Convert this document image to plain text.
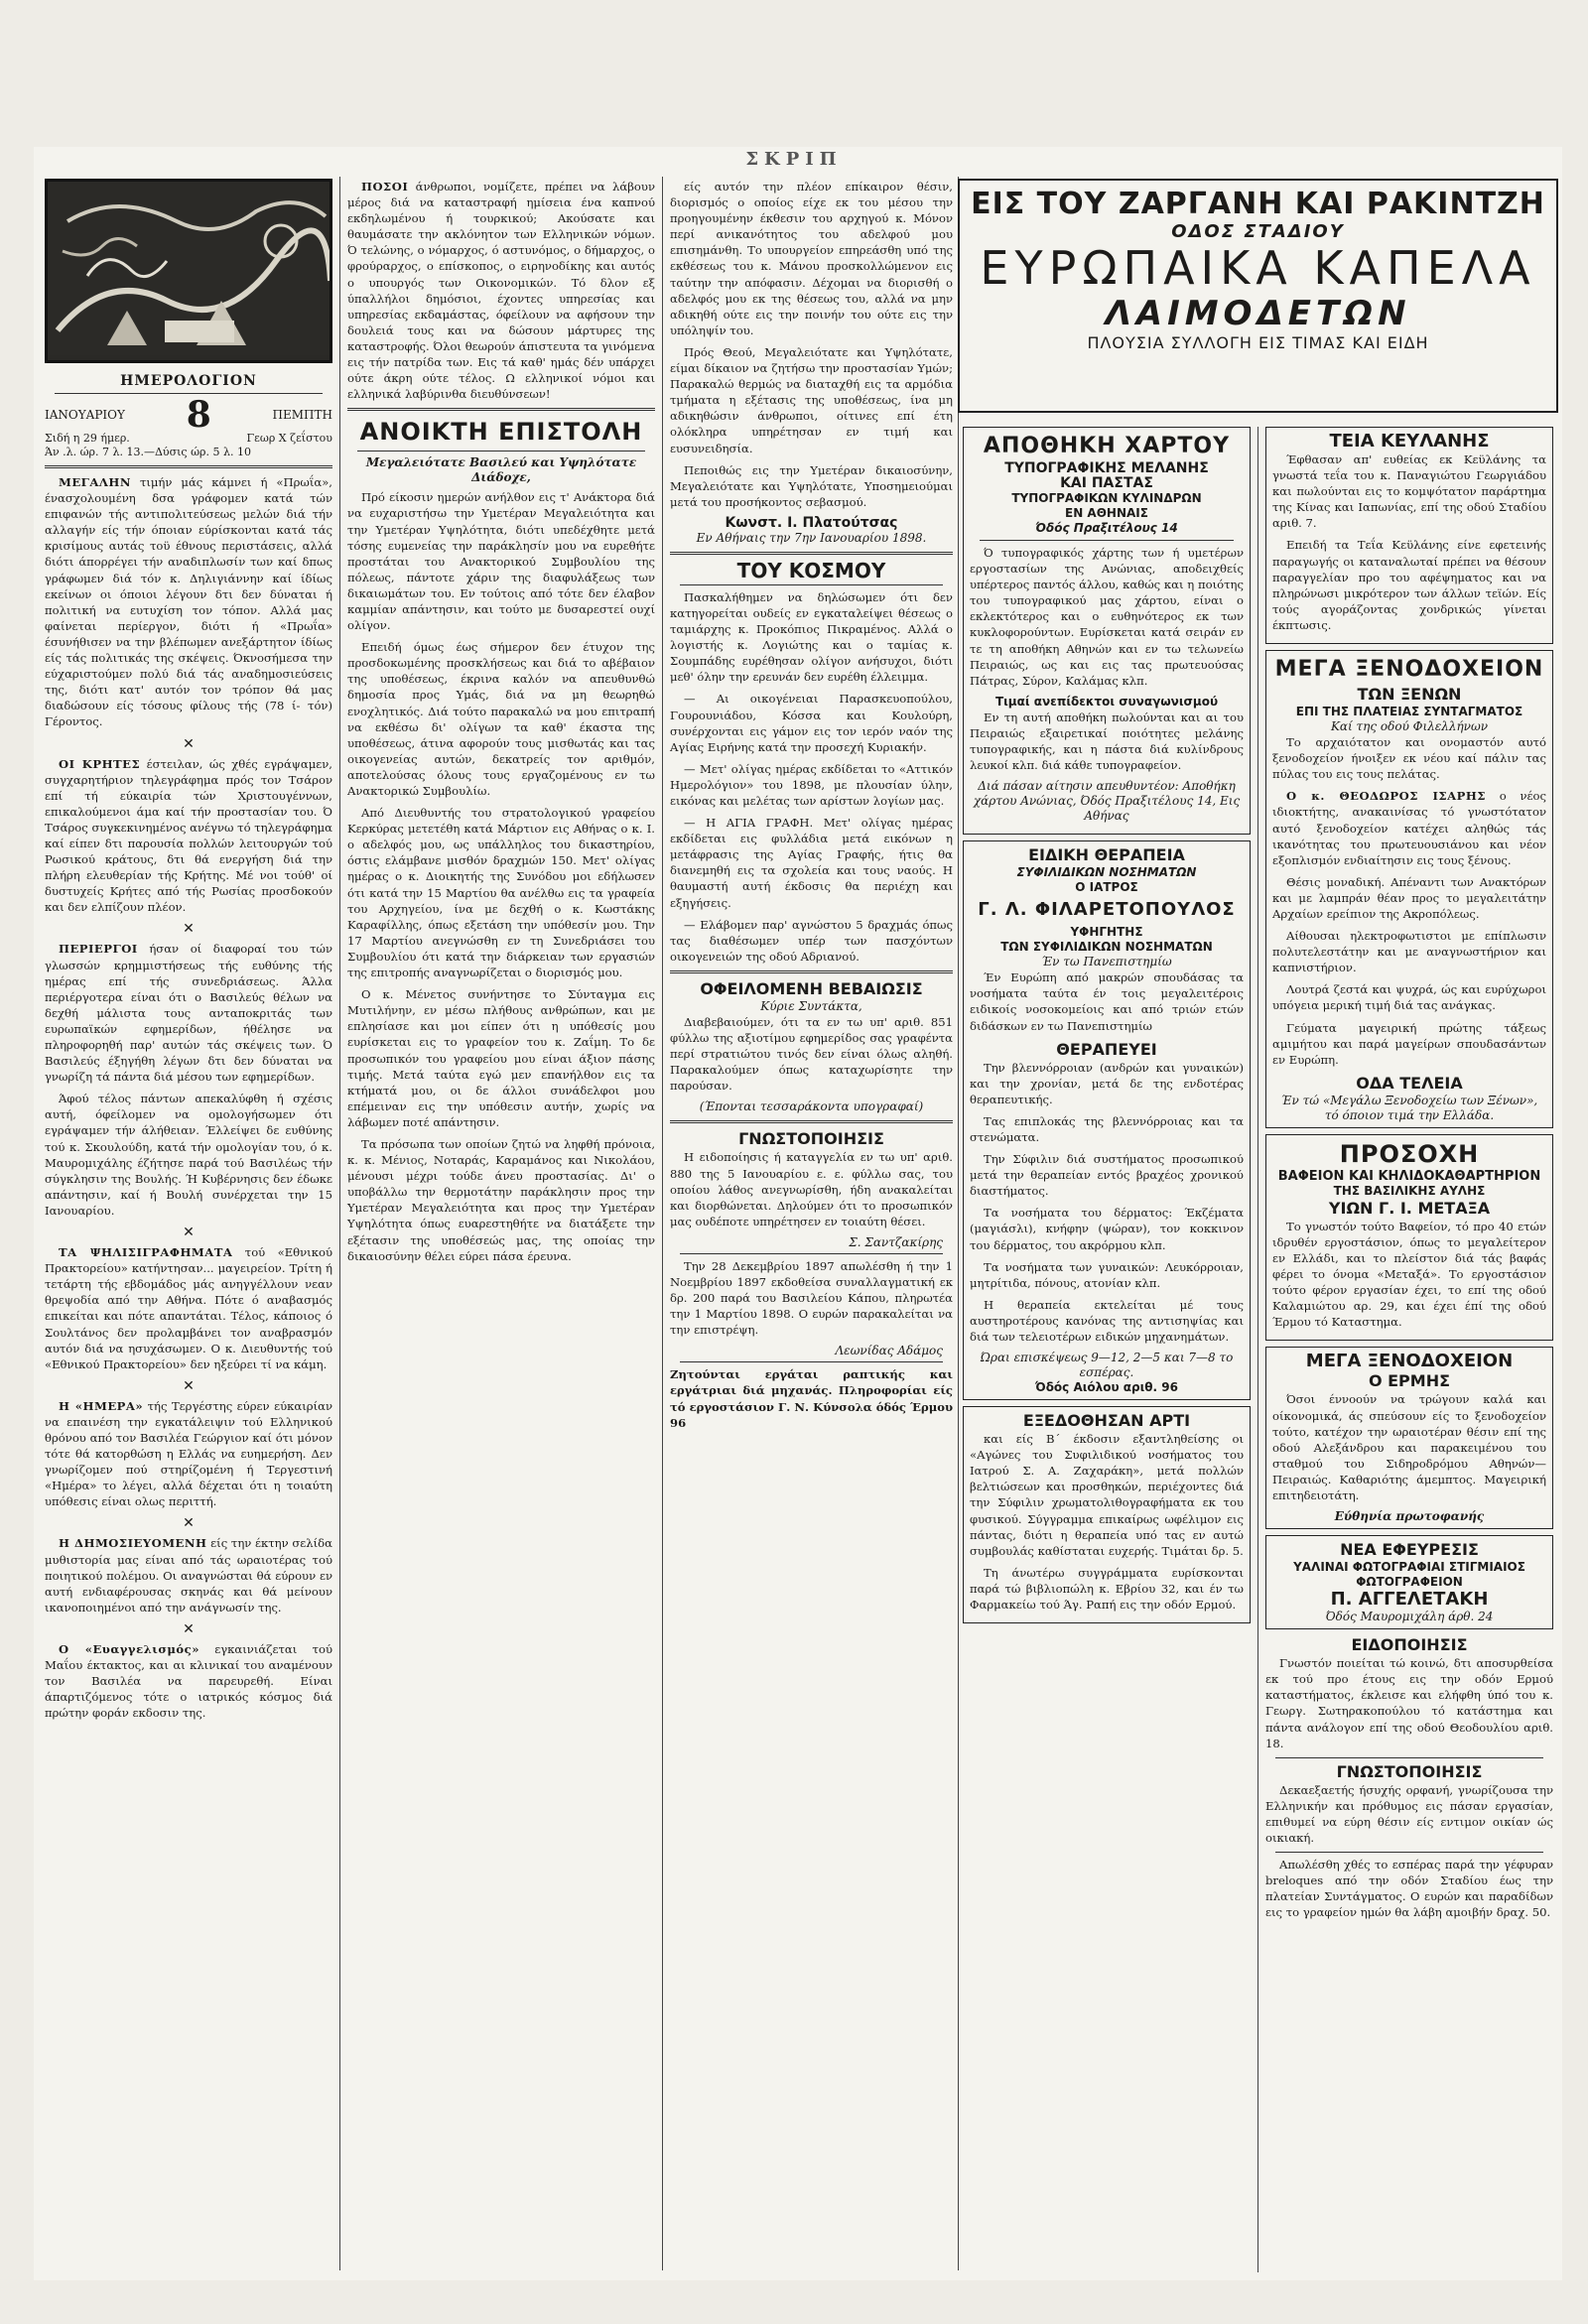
ΣΚΡΙΠ
ΗΜΕΡΟΛΟΓΙΟΝ
ΙΑΝΟΥΑΡΙΟΥ 8	ΠΕΜΠΤΗ
Σιδή η 29 ήμερ.	Γεωρ Χ ζεΐστου
Άν .λ. ώρ. 7 λ. 13.—Δύσις ώρ. 5 λ. 10

ΜΕΓΑΛΗΝ τιμήν μάς κάμνει ή «Πρωΐα», ένασχολουμένη δσα γράφομεν κατά τών επιφανών τής αντιπολιτεύσεως μελών διά τήν αλλαγήν είς τήν όποιαν εύρίσκονται κατά τάς κρισίμους αυτάς τοϋ έθνους περιστάσεις, αλλά διότι άπορρέγει τήν αναδιπλωσίν των καί δπως γράφωμεν διά τόν κ. Δηλιγιάννην καί ίδίως εκείνων οι όποιοι λέγουν δτι δεν δύναται ή πολιτική να ευτυχίση τον τόπον. Αλλά μας φαίνεται περίεργον, διότι ή «Πρωΐα» έσυνήθισεν να την βλέπωμεν ανεξάρτητον ίδίως είς τάς πολιτικάς της σκέψεις. Όκνοσήμεσα την εύχαριστούμεν πολύ διά τάς αναδημοσιεύσεις της, διότι κατ' αυτόν τον τρόπον θά μας διαδώσουν είς τόσους φίλους τής (78 ί- τόν) Γέροντος.

✕

ΟΙ ΚΡΗΤΕΣ έστειλαν, ώς χθές εγράψαμεν, συγχαρητήριον τηλεγράφημα πρός τον Τσάρον επί τή εύκαιρία τών Χριστουγέννων, επικαλούμενοι άμα καί τήν προστασίαν του. Ό Τσάρος συγκεκινημένος ανέγνω τό τηλεγράφημα καί είπεν δτι παρουσία πολλών λειτουργών τού Ρωσικού κράτους, δτι θά ενεργήση διά την πλήρη ελευθερίαν τής Κρήτης. Μέ νοι τούθ' οί δυστυχείς Κρήτες από τής Ρωσίας προσδοκούν και δεν ελπίζουν πλέον.

✕

ΠΕΡΙΕΡΓΟΙ ήσαν οί διαφοραί του τών γλωσσών κρημμιστήσεως τής ευθύνης τής ημέρας επί τής συνεδριάσεως. Άλλα περιέργοτερα είναι ότι ο Βασιλεύς θέλων να δεχθή μάλιστα τους ανταποκριτάς των ευρωπαϊκών εφημερίδων, ήθέλησε να πληροφορηθή παρ' αυτών τάς σκέψεις των. Ό Βασιλεύς έξηγήθη λέγων δτι δεν δύναται να γνωρίζη τά πάντα διά μέσου των εφημερίδων.

Άφού τέλος πάντων απεκαλύφθη ή σχέσις αυτή, όφείλομεν να ομολογήσωμεν ότι εγράψαμεν τήν άλήθειαν. Έλλείψει δε ευθύνης τού κ. Σκουλούδη, κατά τήν ομολογίαν του, ό κ. Μαυρομιχάλης έζήτησε παρά τού Βασιλέως τήν σύγκλησιν της Βουλής. Ή Κυβέρνησις δεν έδωκε απάντησιν, καί ή Βουλή συνέρχεται την 15 Ιανουαρίου.

✕

ΤΑ ΨΗΛΙΣΙΓΡΑΦΗΜΑΤΑ τού «Εθνικού Πρακτορείου» κατήντησαν... μαγειρείον. Τρίτη ή τετάρτη τής εβδομάδος μάς ανηγγέλλουν νεαν θρεψοδία από την Αθήνα. Πότε ό αναβασμός επικείται και πότε απαντάται. Τέλος, κάποιος ό Σουλτάνος δεν προλαμβάνει τον αναβρασμόν αυτόν διά να ησυχάσωμεν. Ο κ. Διευθυντής τού «Εθνικού Πρακτορείου» δεν ηξεύρει τί να κάμη.

✕

Η «ΗΜΕΡΑ» τής Τεργέστης εύρεν εύκαιρίαν να επαινέση την εγκατάλειψιν τού Ελληνικού θρόνου από τον Βασιλέα Γεώργιον καί ότι μόνον τότε θά κατορθώση η Ελλάς να ευημερήση. Δεν γνωρίζομεν πού στηρίζομένη ή Τεργεστινή «Ημέρα» το λέγει, αλλά δέχεται ότι η τοιαύτη υπόθεσις είναι ολως περιττή.

✕

Η ΔΗΜΟΣΙΕΥΟΜΕΝΗ είς την έκτην σελίδα μυθιστορία μας είναι από τάς ωραιοτέρας τού ποιητικού πολέμου. Οι αναγνώσται θά εύρουν εν αυτή ενδιαφέρουσας σκηνάς και θά μείνουν ικανοποιημένοι από την ανάγνωσίν της.

✕

Ο «Ευαγγελισμός» εγκαινιάζεται τού Μαΐου έκτακτος, και αι κλινικαί του αναμένουν τον Βασιλέα να παρευρεθή. Είναι άπαρτιζόμενος τότε ο ιατρικός κόσμος διά πρώτην φοράν εκδοσιν της.

ΠΟΣΟΙ άνθρωποι, νομίζετε, πρέπει να λάβουν μέρος διά να καταστραφή ημίσεια ένα καπνού εκδηλωμένου ή τουρκικού; Ακούσατε και θαυμάσατε την ακλόνητον των Ελληνικών νόμων. Ό τελώνης, ο νόμαρχος, ό αστυνόμος, ο δήμαρχος, ο φρούραρχος, ο επίσκοπος, ο ειρηνοδίκης και αυτός ο υπουργός των Οικονομικών. Τό δλον εξ ύπαλλήλοι δημόσιοι, έχοντες υπηρεσίας και υπηρεσίας εκδαμάστας, όφείλουν να αφήσουν την δουλειά τους και να δώσουν μάρτυρες της καταστροφής. Όλοι θεωρούν άπιστευτα τα γινόμενα εις τήν πατρίδα των. Εις τά καθ' ημάς δέν υπάρχει ούτε άκρη ούτε τέλος. Ω ελληνικοί νόμοι και ελληνικά λαβύρινθα διευθύνσεων!

ΑΝΟΙΚΤΗ ΕΠΙΣΤΟΛΗ
Μεγαλειότατε Βασιλεύ και Υψηλότατε Διάδοχε,

Πρό είκοσιν ημερών ανήλθον εις τ' Ανάκτορα διά να ευχαριστήσω την Υμετέραν Μεγαλειότητα και την Υμετέραν Υψηλότητα, διότι υπεδέχθητε μετά τόσης ευμενείας την παράκλησίν μου να ευρεθήτε προστάται του Ανακτορικού Συμβουλίου της πόλεως, πάντοτε χάριν της διαφυλάξεως των δικαιωμάτων του. Εν τούτοις από τότε δεν έλαβον καμμίαν απάντησιν, και τούτο με δυσαρεστεί ουχί ολίγον.

Επειδή όμως έως σήμερον δεν έτυχον της προσδοκωμένης προσκλήσεως και διά το αβέβαιον της υποθέσεως, έκρινα καλόν να απευθυνθώ δημοσία προς Υμάς, διά να μη θεωρηθώ ενοχλητικός. Διά τούτο παρακαλώ να μου επιτραπή να εκθέσω δι' ολίγων τα καθ' έκαστα της υποθέσεως, άτινα αφορούν τους μισθωτάς και τας οικογενείας αυτών, δεκατρείς τον αριθμόν, αποτελούσας όλους τους εργαζομένους εν τω Ανακτορικώ Συμβουλίω.

Από Διευθυντής του στρατολογικού γραφείου Κερκύρας μετετέθη κατά Μάρτιον εις Αθήνας ο κ. Ι. ο αδελφός μου, ως υπάλληλος του δικαστηρίου, όστις ελάμβανε μισθόν δραχμών 150. Μετ' ολίγας ημέρας ο κ. Διοικητής της Συνόδου μοι εδήλωσεν ότι κατά την 15 Μαρτίου θα ανέλθω εις τα γραφεία του Αρχηγείου, ίνα με δεχθή ο κ. Κωστάκης Καραφίλλης, όπως εξετάση την υπόθεσίν μου. Την 17 Μαρτίου ανεγνώσθη εν τη Συνεδριάσει του Συμβουλίου ότι κατά την διάρκειαν των εργασιών της επιτροπής αναγνωρίζεται ο διορισμός μου.

Ο κ. Μένετος συνήντησε το Σύνταγμα εις Μυτιλήνην, εν μέσω πλήθους ανθρώπων, και με επλησίασε και μοι είπεν ότι η υπόθεσίς μου ευρίσκεται εις το γραφείον του κ. Ζαΐμη. Το δε προσωπικόν του γραφείου μου είναι άξιον πάσης τιμής. Μετά ταύτα εγώ μεν επανήλθον εις τα κτήματά μου, οι δε άλλοι συνάδελφοι μου επέμειναν εις την υπόθεσιν αυτήν, χωρίς να λάβωμεν ποτέ απάντησιν.

Τα πρόσωπα των οποίων ζητώ να ληφθή πρόνοια, κ. κ. Μένιος, Νοταράς, Καραμάνος και Νικολάου, μένουσι μέχρι τούδε άνευ προστασίας. Δι' ο υποβάλλω την θερμοτάτην παράκλησιν προς την Υμετέραν Μεγαλειότητα και προς την Υμετέραν Υψηλότητα όπως ευαρεστηθήτε να διατάξετε την εξέτασιν της υποθέσεώς μας, της οποίας την δικαιοσύνην θέλει εύρει πάσα έρευνα.

είς αυτόν την πλέον επίκαιρον θέσιν, διορισμός ο οποίος είχε εκ του μέσου την προηγουμένην έκθεσιν του αρχηγού κ. Μόνον περί ανικανότητος του αδελφού μου επισημάνθη. Το υπουργείον επηρεάσθη υπό της εκθέσεως του κ. Μάνου προσκολλώμενον εις ταύτην την απόφασιν. Δέχομαι να διορισθή ο αδελφός μου εκ της θέσεως του, αλλά να μην αδικηθή ούτε εις την ποινήν του ούτε εις την υπόληψίν του.

Πρός Θεού, Μεγαλειότατε και Υψηλότατε, είμαι δίκαιον να ζητήσω την προστασίαν Υμών; Παρακαλώ θερμώς να διαταχθή εις τα αρμόδια τμήματα η εξέτασις της υποθέσεως, ίνα μη αδικηθώσιν άνθρωποι, οίτινες επί έτη ολόκληρα υπηρέτησαν εν τιμή και ευσυνειδησία.

Πεποιθώς εις την Υμετέραν δικαιοσύνην, Μεγαλειότατε και Υψηλότατε, Υποσημειούμαι μετά του προσήκοντος σεβασμού.

Κωνστ. Ι. Πλατούτσας
Εν Αθήναις την 7ην Ιανουαρίου 1898.
ΤΟΥ ΚΟΣΜΟΥ

Πασκαλήθημεν να δηλώσωμεν ότι δεν κατηγορείται ουδείς εν εγκαταλείψει θέσεως ο ταμιάρχης κ. Προκόπιος Πικραμένος. Αλλά ο λογιστής κ. Λογιώτης και ο ταμίας κ. Σουμπάδης ευρέθησαν ολίγον ανήσυχοι, διότι μεθ' όλην την ερευνάν δεν ευρέθη έλλειμμα.

— Αι οικογένειαι Παρασκευοπούλου, Γουρουνιάδου, Κόσσα και Κουλούρη, συνέρχονται εις γάμον εις τον ιερόν ναόν της Αγίας Ειρήνης κατά την προσεχή Κυριακήν.

— Μετ' ολίγας ημέρας εκδίδεται το «Αττικόν Ημερολόγιον» του 1898, με πλουσίαν ύλην, εικόνας και μελέτας των αρίστων λογίων μας.

— Η ΑΓΙΑ ΓΡΑΦΗ. Μετ' ολίγας ημέρας εκδίδεται εις φυλλάδια μετά εικόνων η μετάφρασις της Αγίας Γραφής, ήτις θα διανεμηθή εις τα σχολεία και τους ναούς. Η θαυμαστή αυτή έκδοσις θα περιέχη και εξηγήσεις.

— Ελάβομεν παρ' αγνώστου 5 δραχμάς όπως τας διαθέσωμεν υπέρ των πασχόντων οικογενειών της οδού Αδριανού.

ΟΦΕΙΛΟΜΕΝΗ ΒΕΒΑΙΩΣΙΣ
Κύριε Συντάκτα,

Διαβεβαιούμεν, ότι τα εν τω υπ' αριθ. 851 φύλλω της αξιοτίμου εφημερίδος σας γραφέντα περί στρατιώτου τινός δεν είναι όλως αληθή. Παρακαλούμεν όπως καταχωρίσητε την παρούσαν.

(Έπονται τεσσαράκοντα υπογραφαί)
ΓΝΩΣΤΟΠΟΙΗΣΙΣ

Η ειδοποίησις ή καταγγελία εν τω υπ' αριθ. 880 της 5 Ιανουαρίου ε. ε. φύλλω σας, του οποίου λάθος ανεγνωρίσθη, ήδη ανακαλείται και διορθώνεται. Δηλούμεν ότι το προσωπικόν μας ουδέποτε υπηρέτησεν εν τοιαύτη θέσει.

Σ. Σαντζακίρης

Την 28 Δεκεμβρίου 1897 απωλέσθη ή την 1 Νοεμβρίου 1897 εκδοθείσα συναλλαγματική εκ δρ. 200 παρά του Βασιλείου Κάπου, πληρωτέα την 1 Μαρτίου 1898. Ο ευρών παρακαλείται να την επιστρέψη.

Λεωνίδας Αδάμος

Ζητούνται εργάται ραπτικής και εργάτριαι διά μηχανάς. Πληροφορίαι είς τό εργοστάσιον Γ. Ν. Κύνσολα όδός Έρμου 96

ΕΙΣ ΤΟΥ ΖΑΡΓΑΝΗ ΚΑΙ ΡΑΚΙΝΤΖΗ
ΟΔΟΣ ΣΤΑΔΙΟΥ
ΕΥΡΩΠΑΙΚΑ ΚΑΠΕΛΑ
ΛΑΙΜΟΔΕΤΩΝ
ΠΛΟΥΣΙΑ ΣΥΛΛΟΓΗ ΕΙΣ ΤΙΜΑΣ ΚΑΙ ΕΙΔΗ
ΑΠΟΘΗΚΗ ΧΑΡΤΟΥ
ΤΥΠΟΓΡΑΦΙΚΗΣ ΜΕΛΑΝΗΣ
ΚΑΙ ΠΑΣΤΑΣ
ΤΥΠΟΓΡΑΦΙΚΩΝ ΚΥΛΙΝΔΡΩΝ
ΕΝ ΑΘΗΝΑΙΣ
Όδός Πραξιτέλους 14

Ό τυπογραφικός χάρτης των ή υμετέρων εργοστασίων της Ανώνιας, αποδειχθείς υπέρτερος παντός άλλου, καθώς και η ποιότης του τυπογραφικού μας χάρτου, είναι ο εκλεκτότερος και ο ευθηνότερος εκ των κυκλοφορούντων. Ευρίσκεται κατά σειράν εν τε τη αποθήκη Αθηνών και εν τω τελωνείω Πειραιώς, ως και εις τας πρωτευούσας Πάτρας, Σύρον, Καλάμας κλπ.

Τιμαί ανεπίδεκτοι συναγωνισμού

Εν τη αυτή αποθήκη πωλούνται και αι του Πειραιώς εξαιρετικαί ποιότητες μελάνης τυπογραφικής, και η πάστα διά κυλίνδρους λευκοί κλπ. διά κάθε τυπογραφείον.

Διά πάσαν αίτησιν απευθυντέον: Αποθήκη χάρτου Ανώνιας, Όδός Πραξιτέλους 14, Εις Αθήνας

ΕΙΔΙΚΗ ΘΕΡΑΠΕΙΑ
ΣΥΦΙΛΙΔΙΚΩΝ ΝΟΣΗΜΑΤΩΝ
Ο ΙΑΤΡΟΣ
Γ. Λ. ΦΙΛΑΡΕΤΟΠΟΥΛΟΣ
ΥΦΗΓΗΤΗΣ
ΤΩΝ ΣΥΦΙΛΙΔΙΚΩΝ ΝΟΣΗΜΑΤΩΝ
Έν τω Πανεπιστημίω

Έν Ευρώπη από μακρών σπουδάσας τα νοσήματα ταύτα έν τοις μεγαλειτέροις ειδικοίς νοσοκομείοις και από τριών ετών διδάσκων εν τω Πανεπιστημίω

ΘΕΡΑΠΕΥΕΙ

Την βλεννόρροιαν (ανδρών και γυναικών) και την χρονίαν, μετά δε της ενδοτέρας θεραπευτικής.

Τας επιπλοκάς της βλεννόρροιας και τα στενώματα.

Την Σύφιλιν διά συστήματος προσωπικού μετά την θεραπείαν εντός βραχέος χρονικού διαστήματος.

Τα νοσήματα του δέρματος: Έκζέματα (μαγιάσλι), κνήφην (ψώραν), τον κοκκινον του δέρματος, του ακρόρμου κλπ.

Τα νοσήματα των γυναικών: Λευκόρροιαν, μητρίτιδα, πόνους, ατονίαν κλπ.

Η θεραπεία εκτελείται μέ τους αυστηροτέρους κανόνας της αντισηψίας και διά των τελειοτέρων ειδικών μηχανημάτων.

Ώραι επισκέψεως 9—12, 2—5 και 7—8 το εσπέρας.
Όδός Αιόλου αριθ. 96
ΕΞΕΔΟΘΗΣΑΝ ΑΡΤΙ

και είς Β΄ έκδοσιν εξαντληθείσης οι «Αγώνες του Συφιλιδικού νοσήματος του Ιατρού Σ. Α. Ζαχαράκη», μετά πολλών βελτιώσεων και προσθηκών, περιέχοντες διά την Σύφιλιν χρωματολιθογραφήματα εκ του φυσικού. Σύγγραμμα επικαίρως ωφέλιμον εις πάντας, διότι η θεραπεία υπό τας εν αυτώ συμβουλάς καθίσταται ευχερής. Τιμάται δρ. 5.

Τη άνωτέρω συγγράμματα ευρίσκονται παρά τώ βιβλιοπώλη κ. Εβρίου 32, και έν τω Φαρμακείω τού Άγ. Ραπή εις την οδόν Ερμού.

ΤΕΙΑ ΚΕΥΛΑΝΗΣ

Έφθασαν απ' ευθείας εκ Κεϋλάνης τα γνωστά τεΐα του κ. Παναγιώτου Γεωργιάδου και πωλούνται εις το κομψότατον παράρτημα της Κίνας και Ιαπωνίας, επί της οδού Σταδίου αριθ. 7.

Επειδή τα Τεΐα Κεϋλάνης είνε εφετεινής παραγωγής οι καταναλωταί πρέπει να θέσουν παραγγελίαν προ του αφέψηματος και να πληρώνωσι μικρότερον των άλλων τεϊών. Είς τούς αγοράζοντας χονδρικώς γίνεται έκπτωσις.

ΜΕΓΑ ΞΕΝΟΔΟΧΕΙΟΝ
ΤΩΝ ΞΕΝΩΝ
ΕΠΙ ΤΗΣ ΠΛΑΤΕΙΑΣ ΣΥΝΤΑΓΜΑΤΟΣ
Καί της οδού Φιλελλήνων

Το αρχαιότατον και ονομαστόν αυτό ξενοδοχείον ήνοιξεν εκ νέου καί πάλιν τας πύλας του εις τους πελάτας.

Ο κ. ΘΕΟΔΩΡΟΣ ΙΣΑΡΗΣ ο νέος ιδιοκτήτης, ανακαινίσας τό γνωστότατον αυτό ξενοδοχείον κατέχει αληθώς τάς ικανότητας του πρωτευουσιάνου και νέον εξοπλισμόν ενδιαίτησιν εις τους ξένους.

Θέσις μοναδική. Απέναντι των Ανακτόρων και με λαμπράν θέαν προς το μεγαλειτάτην Αρχαίων ερείπιον της Ακροπόλεως.

Αίθουσαι ηλεκτροφωτιστοι με επίπλωσιν πολυτελεστάτην και με αναγνωστήριον και καπνιστήριον.

Λουτρά ζεστά και ψυχρά, ώς και ευρύχωροι υπόγεια μερική τιμή διά τας ανάγκας.

Γεύματα μαγειρική πρώτης τάξεως αμιμήτου και παρά μαγείρων σπουδασάντων εν Ευρώπη.

ΟΔΑ ΤΕΛΕΙΑ
Έν τώ «Μεγάλω Ξενοδοχείω των Ξένων», τό όποιον τιμά την Ελλάδα.
ΠΡΟΣΟΧΗ
ΒΑΦΕΙΟΝ ΚΑΙ ΚΗΛΙΔΟΚΑΘΑΡΤΗΡΙΟΝ
ΤΗΣ ΒΑΣΙΛΙΚΗΣ ΑΥΛΗΣ
ΥΙΩΝ Γ. Ι. ΜΕΤΑΞΑ

Το γνωστόν τούτο Βαφείον, τό προ 40 ετών ιδρυθέν εργοστάσιον, όπως το μεγαλείτερον εν Ελλάδι, και το πλείστον διά τάς βαφάς φέρει το όνομα «Μεταξά». Το εργοστάσιον τούτο φέρον εργασίαν έχει, το επί της οδού Καλαμιώτου αρ. 29, και έχει έπί της οδού Έρμου τό Καταστημα.

ΜΕΓΑ ΞΕΝΟΔΟΧΕΙΟΝ
Ο ΕΡΜΗΣ

Όσοι έννοούν να τρώγουν καλά και οίκονομικά, άς σπεύσουν είς το ξενοδοχείον τούτο, κατέχον την ωραιοτέραν θέσιν επί της οδού Αλεξάνδρου και παρακειμένου του σταθμού του Σιδηροδρόμου Αθηνών—Πειραιώς. Καθαριότης άμεμπτος. Μαγειρική επιτηδειοτάτη.

Εύθηνία πρωτοφανής
ΝΕΑ ΕΦΕΥΡΕΣΙΣ
ΥΑΛΙΝΑΙ ΦΩΤΟΓΡΑΦΙΑΙ ΣΤΙΓΜΙΑΙΟΣ
ΦΩΤΟΓΡΑΦΕΙΟΝ
Π. ΑΓΓΕΛΕΤΑΚΗ
Όδός Μαυρομιχάλη άρθ. 24
ΕΙΔΟΠΟΙΗΣΙΣ

Γνωστόν ποιείται τώ κοινώ, δτι αποσυρθείσα εκ τού προ έτους εις την οδόν Ερμού καταστήματος, έκλεισε και ελήφθη ύπό του κ. Γεωργ. Σωτηρακοπούλου τό κατάστημα και πάντα ανάλογον επί της οδού Θεοδουλίου αριθ. 18.

ΓΝΩΣΤΟΠΟΙΗΣΙΣ

Δεκαεξαετής ήσυχής ορφανή, γνωρίζουσα την Ελληνικήν και πρόθυμος εις πάσαν εργασίαν, επιθυμεί να εύρη θέσιν είς εντιμον οικίαν ώς οικιακή.

Απωλέσθη χθές το εσπέρας παρά την γέφυραν breloques από την οδόν Σταδίου έως την πλατείαν Συντάγματος. Ο ευρών και παραδίδων εις το γραφείον ημών θα λάβη αμοιβήν δραχ. 50.
